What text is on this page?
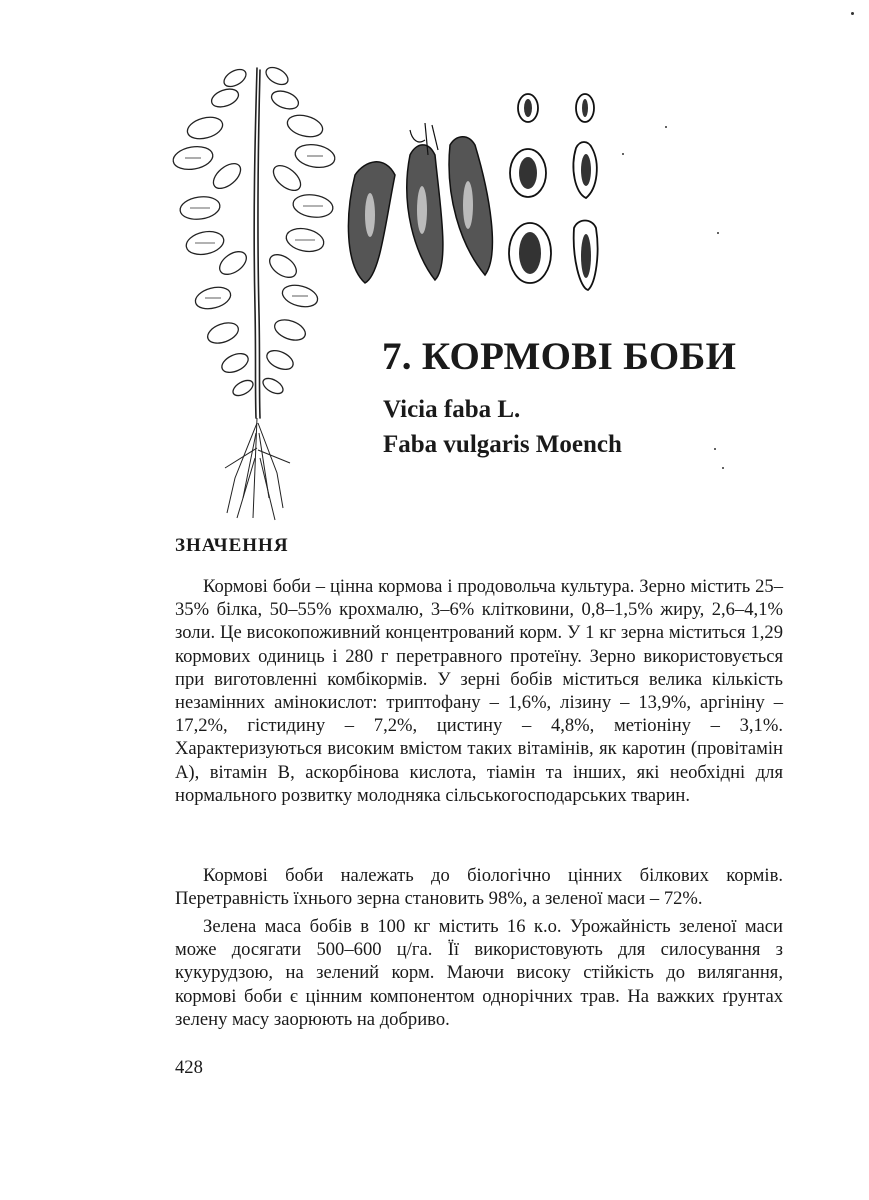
7. КОРМОВІ БОБИ
Vicia faba L.
Faba vulgaris Moench
ЗНАЧЕННЯ

Кормові боби – цінна кормова і продовольча культура. Зерно містить 25–35% білка, 50–55% крохмалю, 3–6% клітковини, 0,8–1,5% жиру, 2,6–4,1% золи. Це високопоживний концентрований корм. У 1 кг зерна міститься 1,29 кормових одиниць і 280 г перетравного протеїну. Зерно використовується при виготовленні комбікормів. У зерні бобів міститься велика кількість незамінних амінокислот: триптофану – 1,6%, лізину – 13,9%, аргініну – 17,2%, гістидину – 7,2%, цистину – 4,8%, метіоніну – 3,1%. Характеризуються високим вмістом таких вітамінів, як каротин (провітамін А), вітамін В, аскорбінова кислота, тіамін та інших, які необхідні для нормального розвитку молодняка сільськогосподарських тварин.

Кормові боби належать до біологічно цінних білкових кормів. Перетравність їхнього зерна становить 98%, а зеленої маси – 72%.

Зелена маса бобів в 100 кг містить 16 к.о. Урожайність зеленої маси може досягати 500–600 ц/га. Її використовують для силосування з кукурудзою, на зелений корм. Маючи високу стійкість до вилягання, кормові боби є цінним компонентом однорічних трав. На важких ґрунтах зелену масу заорюють на добриво.

428
